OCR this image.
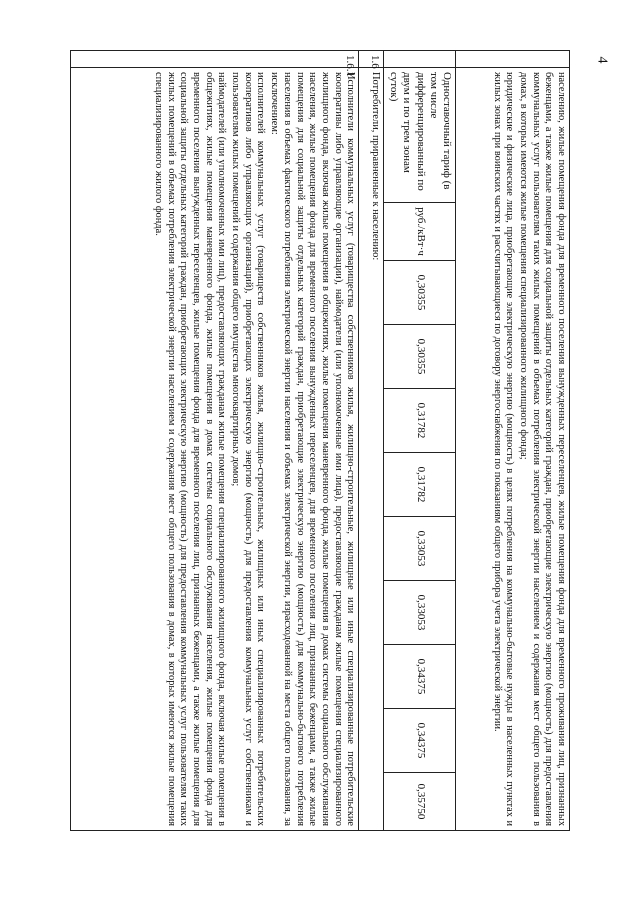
4

	населению, жилые помещения фонда для временного поселения вынужденных переселенцев, жилые помещения фонда для временного проживания лиц, признанных беженцами, а также жилые помещения для социальной защиты отдельных категорий граждан, приобретающие электрическую энергию (мощность) для предоставления коммунальных услуг пользователям таких жилых помещений в объемах потребления электрической энергии населением и содержания мест общего пользования в домах, в которых имеются жилые помещения специализированного жилищного фонда;

юридические и физические лица, приобретающие электрическую энергию (мощность) в целях потребления на коммунально-бытовые нужды в населенных пунктах и жилых зонах при воинских частях и рассчитывающиеся по договору энергоснабжения по показаниям общего прибора учета электрической энергии.										

	Одноставочный тариф (в том числе дифференцированный по двум и по трем зонам суток)	руб./кВт·ч	0,30355	0,30355	0,31782	0,31782	0,33053	0,33053	0,34375	0,34375	0,35750
1.6	Потребители, приравненные к населению:										
1.6.1	Исполнители коммунальных услуг (товарищества собственников жилья, жилищно-строительные, жилищные или иные специализированные потребительские кооперативы либо управляющие организации), наймодатели (или уполномоченные ими лица), предоставляющие гражданам жилые помещения специализированного жилищного фонда, включая жилые помещения в общежитиях, жилые помещения маневренного фонда, жилые помещения в домах системы социального обслуживания населения, жилые помещения фонда для временного поселения вынужденных переселенцев, для временного поселения лиц, признанных беженцами, а также жилые помещения для социальной защиты отдельных категорий граждан, приобретающие электрическую энергию (мощность) для коммунально-бытового потребления населения в объемах фактического потребления электрической энергии населения и объемах электрической энергии, израсходованной на места общего пользования, за исключением:

исполнителей коммунальных услуг (товариществ собственников жилья, жилищно-строительных, жилищных или иных специализированных потребительских кооперативов либо управляющих организаций), приобретающих электрическую энергию (мощность) для предоставления коммунальных услуг собственникам и пользователям жилых помещений и содержания общего имущества многоквартирных домов;

наймодателей (или уполномоченных ими лиц), предоставляющих гражданам жилые помещения специализированного жилищного фонда, включая жилые помещения в общежитиях, жилые помещения маневренного фонда, жилые помещения в домах системы социального обслуживания населения, жилые помещения фонда для временного поселения вынужденных переселенцев, жилые помещения фонда для временного поселения лиц, признанных беженцами, а также жилые помещения для социальной защиты отдельных категорий граждан, приобретающих электрическую энергию (мощность) для предоставления коммунальных услуг пользователям таких жилых помещений в объемах потребления электрической энергии населением и содержания мест общего пользования в домах, в которых имеются жилые помещения специализированного жилого фонда.										
